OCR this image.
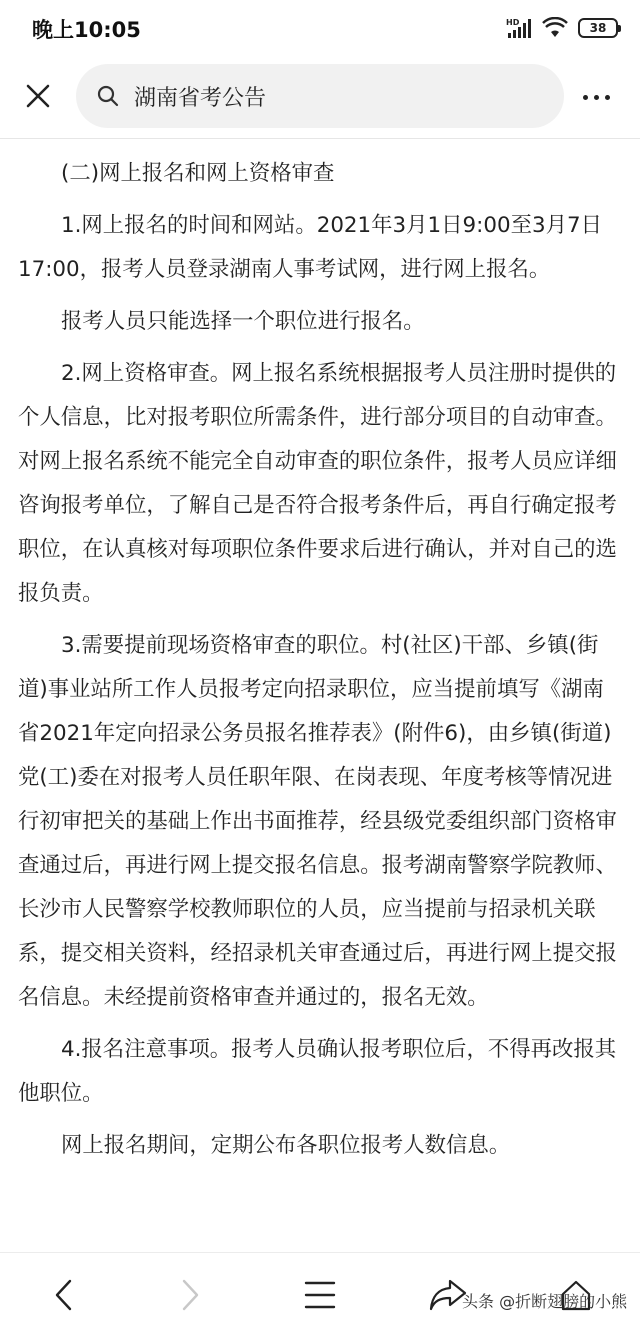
晚上10:05	HD	38
湖南省考公告

(二)网上报名和网上资格审查

1.网上报名的时间和网站。2021年3月1日9:00至3月7日17:00，报考人员登录湖南人事考试网，进行网上报名。

报考人员只能选择一个职位进行报名。

2.网上资格审查。网上报名系统根据报考人员注册时提供的个人信息，比对报考职位所需条件，进行部分项目的自动审查。对网上报名系统不能完全自动审查的职位条件，报考人员应详细咨询报考单位，了解自己是否符合报考条件后，再自行确定报考职位，在认真核对每项职位条件要求后进行确认，并对自己的选报负责。

3.需要提前现场资格审查的职位。村(社区)干部、乡镇(街道)事业站所工作人员报考定向招录职位，应当提前填写《湖南省2021年定向招录公务员报名推荐表》(附件6)，由乡镇(街道)党(工)委在对报考人员任职年限、在岗表现、年度考核等情况进行初审把关的基础上作出书面推荐，经县级党委组织部门资格审查通过后，再进行网上提交报名信息。报考湖南警察学院教师、长沙市人民警察学校教师职位的人员，应当提前与招录机关联系，提交相关资料，经招录机关审查通过后，再进行网上提交报名信息。未经提前资格审查并通过的，报名无效。

4.报名注意事项。报考人员确认报考职位后，不得再改报其他职位。

网上报名期间，定期公布各职位报考人数信息。

头条 @折断翅膀的小熊
